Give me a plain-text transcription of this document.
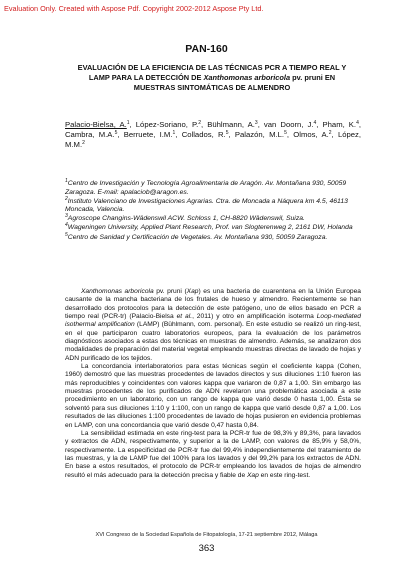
Evaluation Only. Created with Aspose Pdf. Copyright 2002-2012 Aspose Pty Ltd.
PAN-160
EVALUACIÓN DE LA EFICIENCIA DE LAS TÉCNICAS PCR A TIEMPO REAL Y LAMP PARA LA DETECCIÓN DE Xanthomonas arboricola pv. pruni EN MUESTRAS SINTOMÁTICAS DE ALMENDRO
Palacio-Bielsa, A.$^1$, López-Soriano, P.$^2$, Bühlmann, A.$^3$, van Doorn, J.$^4$, Pham, K.$^4$, Cambra, M.A.$^5$, Berruete, I.M.$^1$, Collados, R.$^5$, Palazón, M.L.$^5$, Olmos, A.$^2$, López, M.M.$^2$

$^1$Centro de Investigación y Tecnología Agroalimentaria de Aragón. Av. Montañana 930, 50059 Zaragoza. E-mail: apalaciob@aragon.es.

$^2$Instituto Valenciano de Investigaciones Agrarias. Ctra. de Moncada a Náquera km 4.5, 46113 Moncada, Valencia.

$^3$Agroscope Changins-Wädenswil ACW. Schloss 1, CH-8820 Wädenswil, Suiza.

$^4$Wageningen University, Applied Plant Research, Prof. van Slogterenweg 2, 2161 DW, Holanda

$^5$Centro de Sanidad y Certificación de Vegetales. Av. Montañana 930, 50059 Zaragoza.

Xanthomonas arboricola pv. pruni (Xap) es una bacteria de cuarentena en la Unión Europea causante de la mancha bacteriana de los frutales de hueso y almendro. Recientemente se han desarrollado dos protocolos para la detección de este patógeno, uno de ellos basado en PCR a tiempo real (PCR-tr) (Palacio-Bielsa et al., 2011) y otro en amplificación isoterma Loop-mediated isothermal amplification (LAMP) (Bühlmann, com. personal). En este estudio se realizó un ring-test, en el que participaron cuatro laboratorios europeos, para la evaluación de los parámetros diagnósticos asociados a estas dos técnicas en muestras de almendro. Además, se analizaron dos modalidades de preparación del material vegetal empleando muestras directas de lavado de hojas y ADN purificado de los tejidos.

La concordancia interlaboratorios para estas técnicas según el coeficiente kappa (Cohen, 1960) demostró que las muestras procedentes de lavados directos y sus diluciones 1:10 fueron las más reproducibles y coincidentes con valores kappa que variaron de 0,87 a 1,00. Sin embargo las muestras procedentes de los purificados de ADN revelaron una problemática asociada a este procedimiento en un laboratorio, con un rango de kappa que varió desde 0 hasta 1,00. Ésta se solventó para sus diluciones 1:10 y 1:100, con un rango de kappa que varió desde 0,87 a 1,00. Los resultados de las diluciones 1:100 procedentes de lavado de hojas pusieron en evidencia problemas en LAMP, con una concordancia que varió desde 0,47 hasta 0,84.

La sensibilidad estimada en este ring-test para la PCR-tr fue de 98,3% y 89,3%, para lavados y extractos de ADN, respectivamente, y superior a la de LAMP, con valores de 85,9% y 58,0%, respectivamente. La especificidad de PCR-tr fue del 99,4% independientemente del tratamiento de las muestras, y la de LAMP fue del 100% para los lavados y del 99,2% para los extractos de ADN. En base a estos resultados, el protocolo de PCR-tr empleando los lavados de hojas de almendro resultó el más adecuado para la detección precisa y fiable de Xap en este ring-test.

XVI Congreso de la Sociedad Española de Fitopatología, 17-21 septiembre 2012, Málaga
363
